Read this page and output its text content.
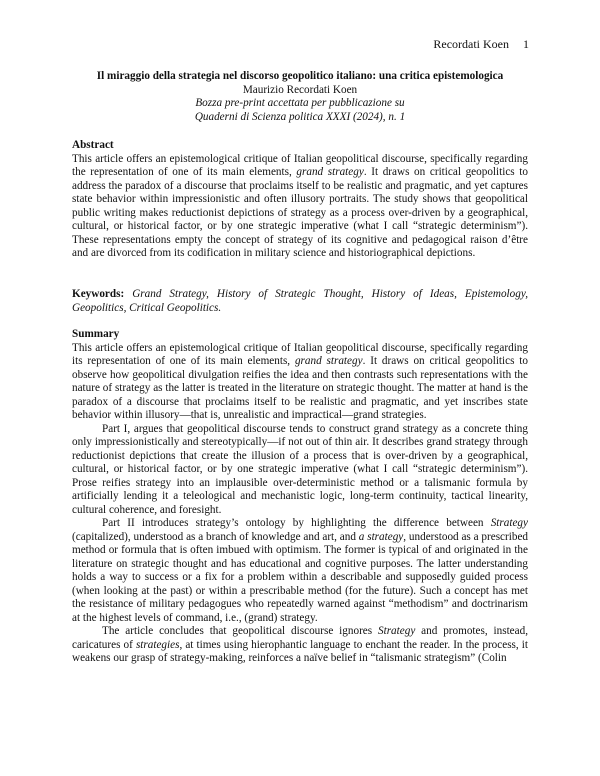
Recordati Koen 1
Il miraggio della strategia nel discorso geopolitico italiano: una critica epistemologica
Maurizio Recordati Koen
Bozza pre-print accettata per pubblicazione su
Quaderni di Scienza politica XXXI (2024), n. 1
Abstract

This article offers an epistemological critique of Italian geopolitical discourse, specifically regarding the representation of one of its main elements, grand strategy. It draws on critical geopolitics to address the paradox of a discourse that proclaims itself to be realistic and pragmatic, and yet captures state behavior within impressionistic and often illusory portraits. The study shows that geopolitical public writing makes reductionist depictions of strategy as a process over-driven by a geographical, cultural, or historical factor, or by one strategic imperative (what I call “strategic determinism”). These representations empty the concept of strategy of its cognitive and pedagogical raison d’être and are divorced from its codification in military science and historiographical depictions.

Keywords: Grand Strategy, History of Strategic Thought, History of Ideas, Epistemology, Geopolitics, Critical Geopolitics.

Summary

This article offers an epistemological critique of Italian geopolitical discourse, specifically regarding its representation of one of its main elements, grand strategy. It draws on critical geopolitics to observe how geopolitical divulgation reifies the idea and then contrasts such representations with the nature of strategy as the latter is treated in the literature on strategic thought. The matter at hand is the paradox of a discourse that proclaims itself to be realistic and pragmatic, and yet inscribes state behavior within illusory—that is, unrealistic and impractical—grand strategies.

Part I, argues that geopolitical discourse tends to construct grand strategy as a concrete thing only impressionistically and stereotypically—if not out of thin air. It describes grand strategy through reductionist depictions that create the illusion of a process that is over-driven by a geographical, cultural, or historical factor, or by one strategic imperative (what I call “strategic determinism”). Prose reifies strategy into an implausible over-deterministic method or a talismanic formula by artificially lending it a teleological and mechanistic logic, long-term continuity, tactical linearity, cultural coherence, and foresight.

Part II introduces strategy’s ontology by highlighting the difference between Strategy (capitalized), understood as a branch of knowledge and art, and a strategy, understood as a prescribed method or formula that is often imbued with optimism. The former is typical of and originated in the literature on strategic thought and has educational and cognitive purposes. The latter understanding holds a way to success or a fix for a problem within a describable and supposedly guided process (when looking at the past) or within a prescribable method (for the future). Such a concept has met the resistance of military pedagogues who repeatedly warned against “methodism” and doctrinarism at the highest levels of command, i.e., (grand) strategy.

The article concludes that geopolitical discourse ignores Strategy and promotes, instead, caricatures of strategies, at times using hierophantic language to enchant the reader. In the process, it weakens our grasp of strategy-making, reinforces a naïve belief in “talismanic strategism” (Colin
